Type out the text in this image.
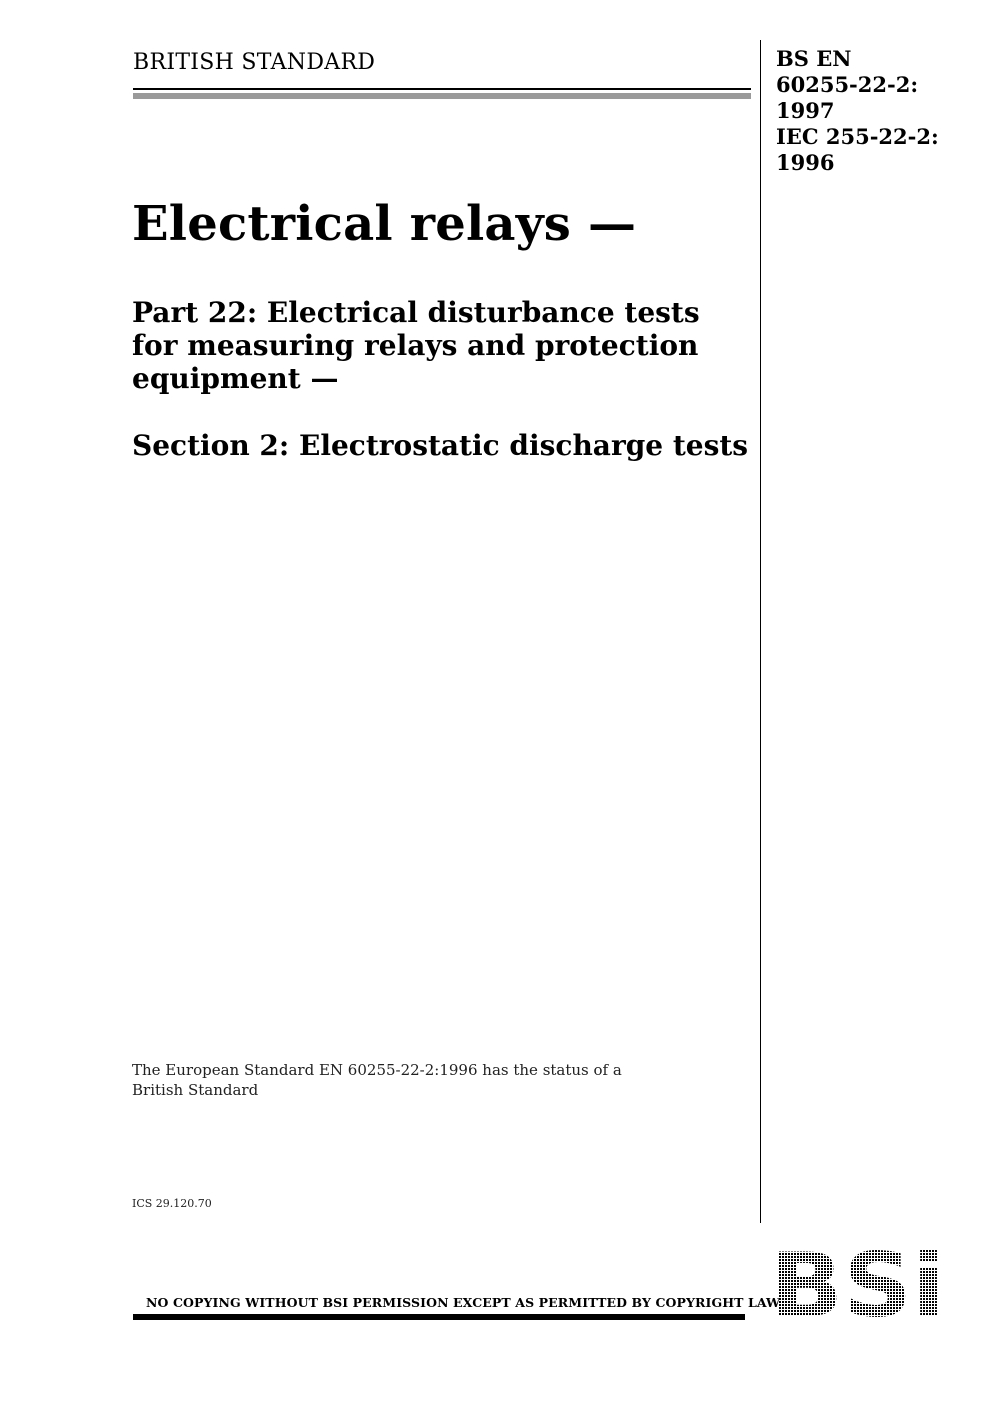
BRITISH STANDARD	BS EN
60255-22-2:
1997
IEC 255-22-2:
1996
Electrical relays —
Part 22: Electrical disturbance tests for measuring relays and protection equipment —
Section 2: Electrostatic discharge tests
The European Standard EN 60255-22-2:1996 has the status of a
British Standard
ICS 29.120.70
NO COPYING WITHOUT BSI PERMISSION EXCEPT AS PERMITTED BY COPYRIGHT LAW
BSi
